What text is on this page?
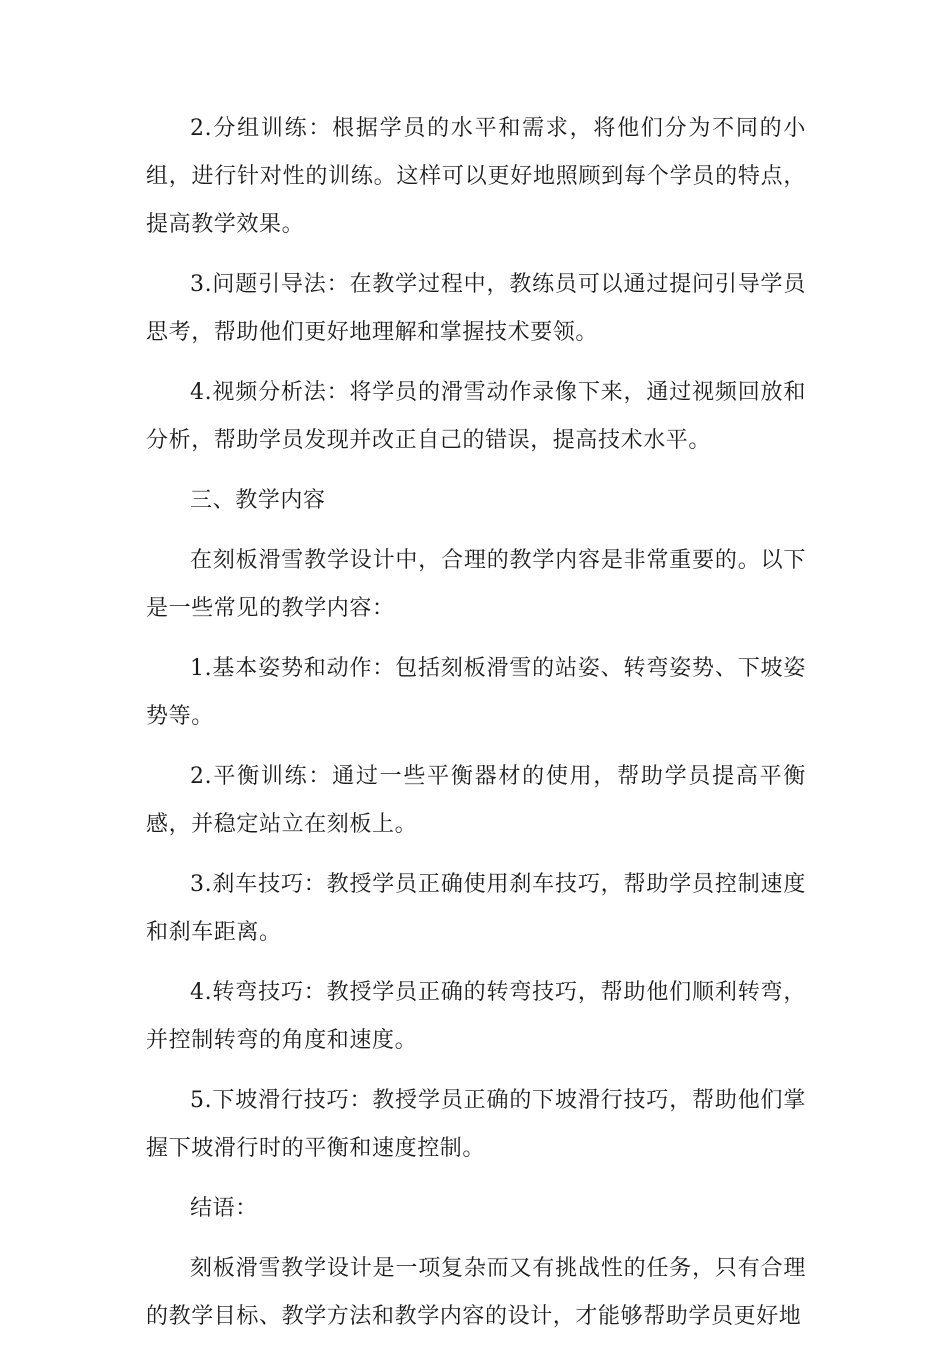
2.分组训练：根据学员的水平和需求，将他们分为不同的小组，进行针对性的训练。这样可以更好地照顾到每个学员的特点，提高教学效果。

3.问题引导法：在教学过程中，教练员可以通过提问引导学员思考，帮助他们更好地理解和掌握技术要领。

4.视频分析法：将学员的滑雪动作录像下来，通过视频回放和分析，帮助学员发现并改正自己的错误，提高技术水平。

三、教学内容

在刻板滑雪教学设计中，合理的教学内容是非常重要的。以下是一些常见的教学内容：

1.基本姿势和动作：包括刻板滑雪的站姿、转弯姿势、下坡姿势等。

2.平衡训练：通过一些平衡器材的使用，帮助学员提高平衡感，并稳定站立在刻板上。

3.刹车技巧：教授学员正确使用刹车技巧，帮助学员控制速度和刹车距离。

4.转弯技巧：教授学员正确的转弯技巧，帮助他们顺利转弯，并控制转弯的角度和速度。

5.下坡滑行技巧：教授学员正确的下坡滑行技巧，帮助他们掌握下坡滑行时的平衡和速度控制。

结语：

刻板滑雪教学设计是一项复杂而又有挑战性的任务，只有合理的教学目标、教学方法和教学内容的设计，才能够帮助学员更好地
